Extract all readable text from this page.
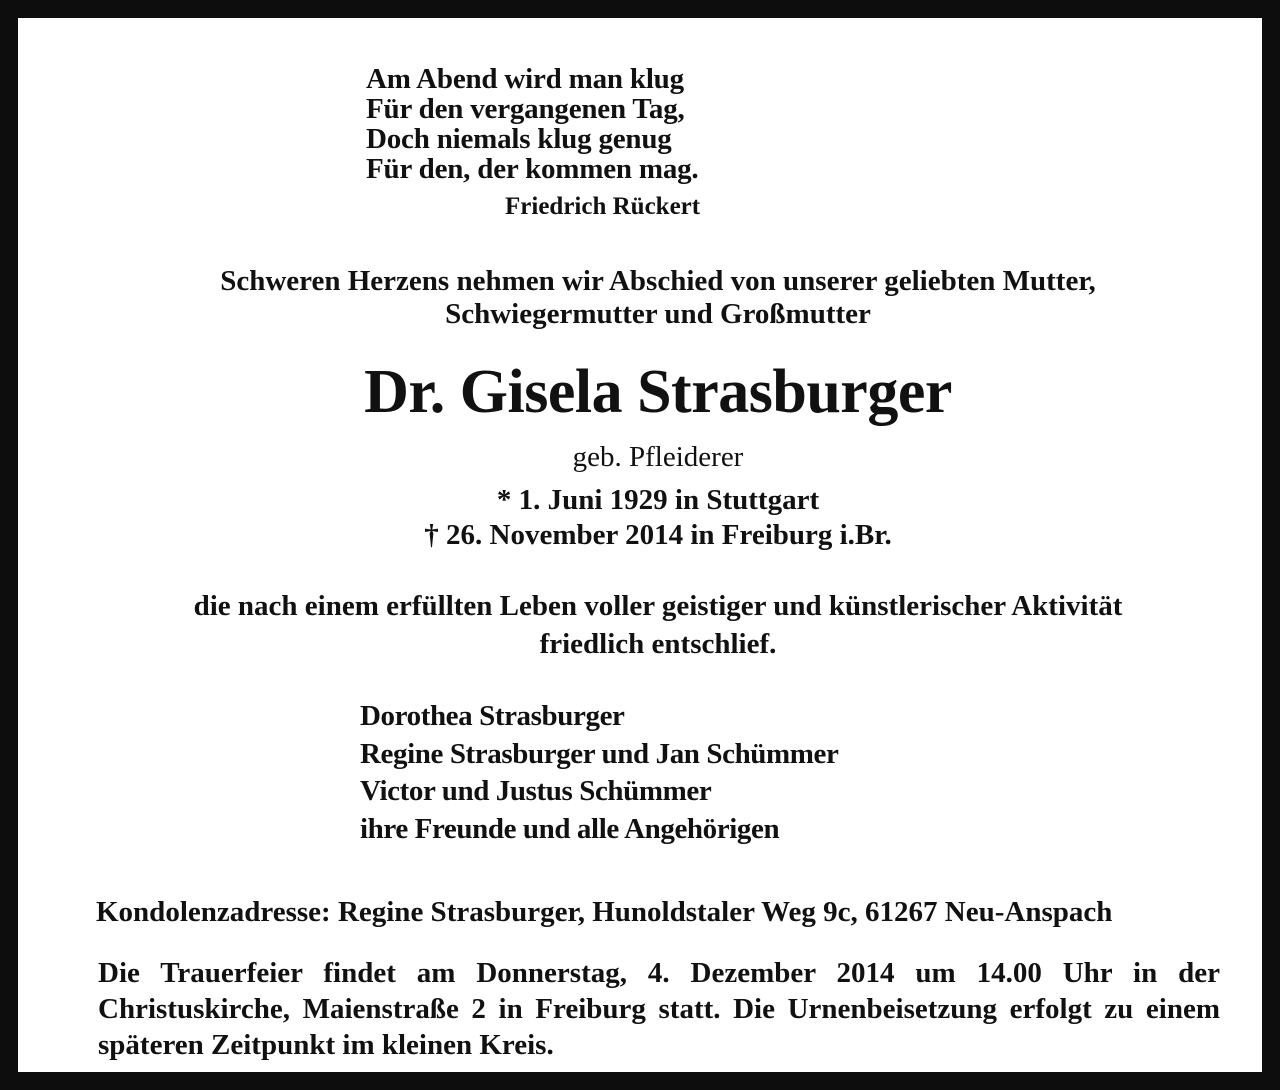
Am Abend wird man klug
Für den vergangenen Tag,
Doch niemals klug genug
Für den, der kommen mag.
Friedrich Rückert
Schweren Herzens nehmen wir Abschied von unserer geliebten Mutter,
Schwiegermutter und Großmutter
Dr. Gisela Strasburger
geb. Pfleiderer
* 1. Juni 1929 in Stuttgart
† 26. November 2014 in Freiburg i.Br.
die nach einem erfüllten Leben voller geistiger und künstlerischer Aktivität
friedlich entschlief.
Dorothea Strasburger
Regine Strasburger und Jan Schümmer
Victor und Justus Schümmer
ihre Freunde und alle Angehörigen
Kondolenzadresse: Regine Strasburger, Hunoldstaler Weg 9c, 61267 Neu-Anspach
Die Trauerfeier findet am Donnerstag, 4. Dezember 2014 um 14.00 Uhr in der Christuskirche, Maienstraße 2 in Freiburg statt. Die Urnenbeisetzung erfolgt zu einem späteren Zeitpunkt im kleinen Kreis.
